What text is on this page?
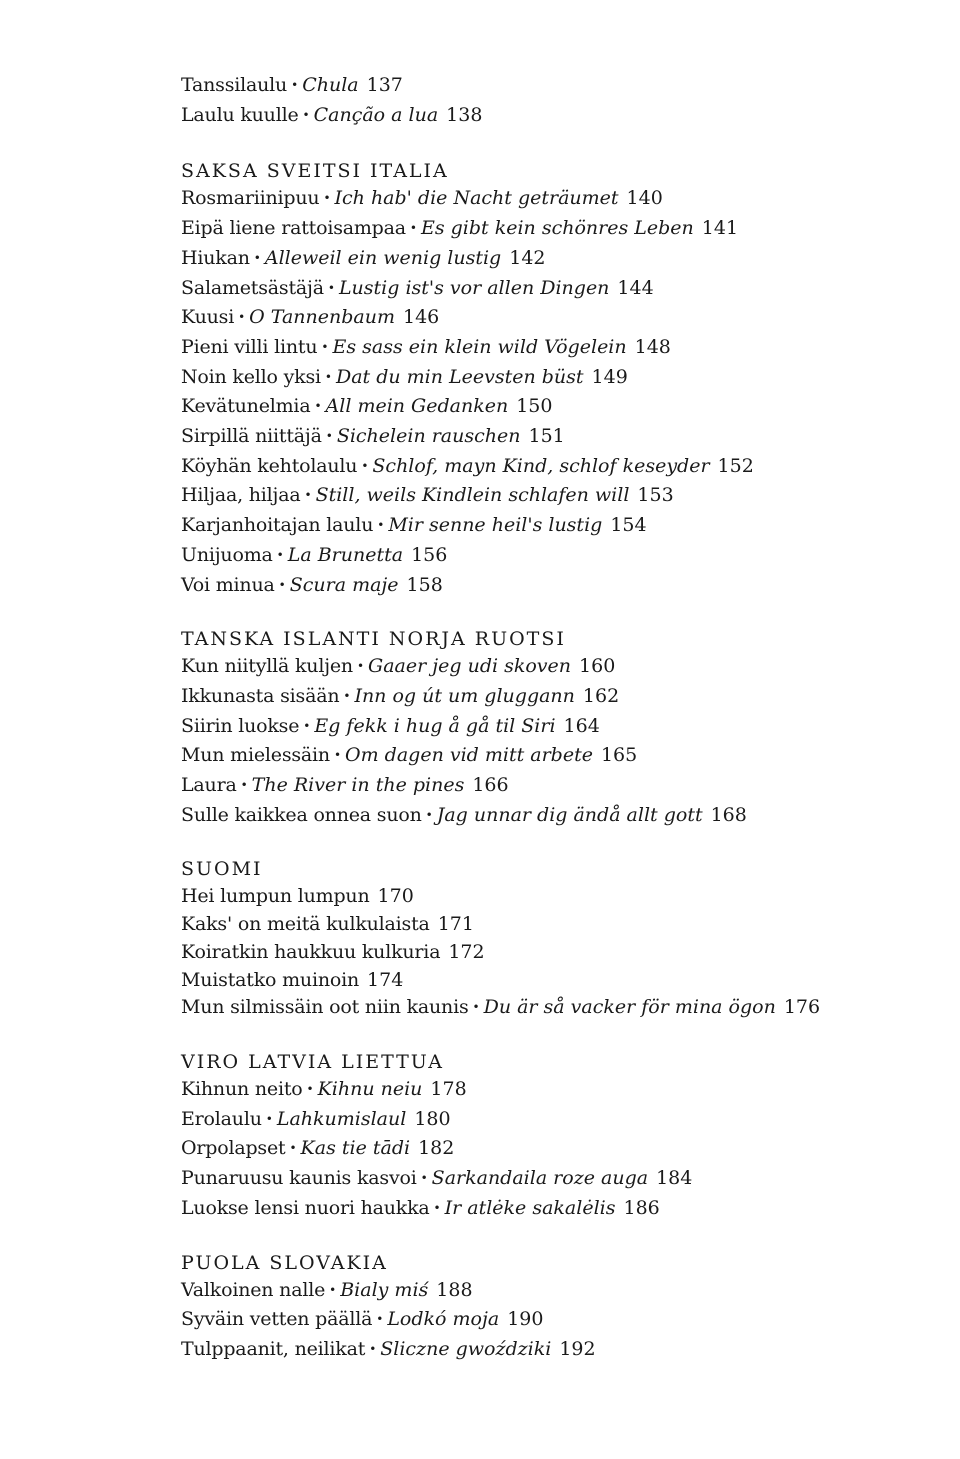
Tanssilaulu • Chula 137
Laulu kuulle • Canção a lua 138
SAKSA SVEITSI ITALIA
Rosmariinipuu • Ich hab' die Nacht geträumet 140
Eipä liene rattoisampaa • Es gibt kein schönres Leben 141
Hiukan • Alleweil ein wenig lustig 142
Salametsästäjä • Lustig ist's vor allen Dingen 144
Kuusi • O Tannenbaum 146
Pieni villi lintu • Es sass ein klein wild Vögelein 148
Noin kello yksi • Dat du min Leevsten büst 149
Kevätunelmia • All mein Gedanken 150
Sirpillä niittäjä • Sichelein rauschen 151
Köyhän kehtolaulu • Schlof, mayn Kind, schlof keseyder 152
Hiljaa, hiljaa • Still, weils Kindlein schlafen will 153
Karjanhoitajan laulu • Mir senne heil's lustig 154
Unijuoma • La Brunetta 156
Voi minua • Scura maje 158
TANSKA ISLANTI NORJA RUOTSI
Kun niityllä kuljen • Gaaer jeg udi skoven 160
Ikkunasta sisään • Inn og út um gluggann 162
Siirin luokse • Eg fekk i hug å gå til Siri 164
Mun mielessäin • Om dagen vid mitt arbete 165
Laura • The River in the pines 166
Sulle kaikkea onnea suon • Jag unnar dig ändå allt gott 168
SUOMI
Hei lumpun lumpun 170
Kaks' on meitä kulkulaista 171
Koiratkin haukkuu kulkuria 172
Muistatko muinoin 174
Mun silmissäin oot niin kaunis • Du är så vacker för mina ögon 176
VIRO LATVIA LIETTUA
Kihnun neito • Kihnu neiu 178
Erolaulu • Lahkumislaul 180
Orpolapset • Kas tie tādi 182
Punaruusu kaunis kasvoi • Sarkandaila roze auga 184
Luokse lensi nuori haukka • Ir atlėke sakalėlis 186
PUOLA SLOVAKIA
Valkoinen nalle • Bialy miś 188
Syväin vetten päällä • Lodkó moja 190
Tulppaanit, neilikat • Sliczne gwoździki 192
